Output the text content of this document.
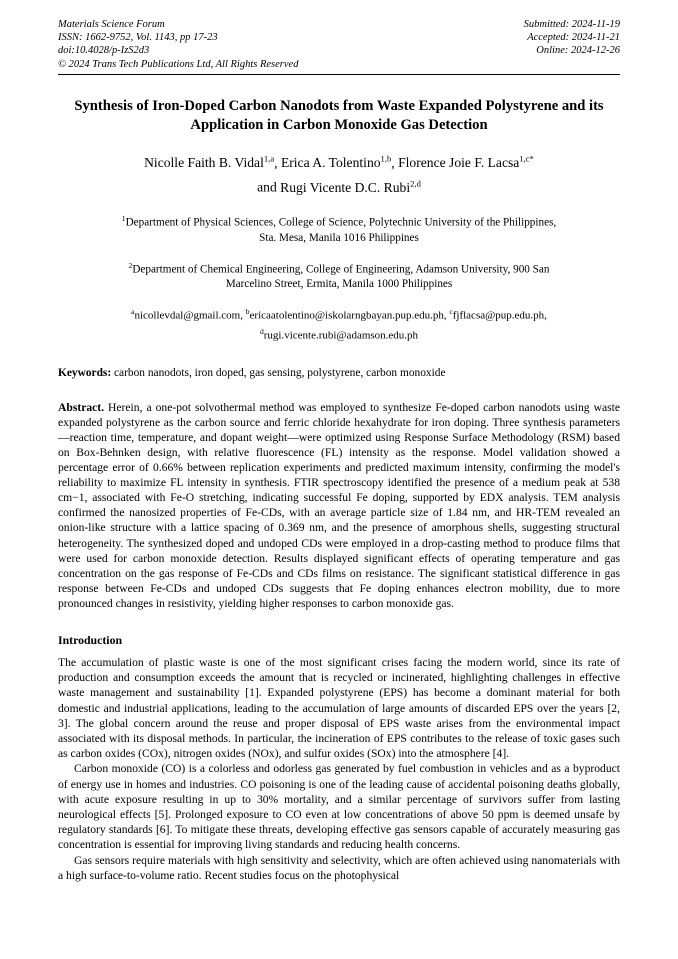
Materials Science Forum
ISSN: 1662-9752, Vol. 1143, pp 17-23
doi:10.4028/p-IzS2d3
Submitted: 2024-11-19
Accepted: 2024-11-21
Online: 2024-12-26
© 2024 Trans Tech Publications Ltd, All Rights Reserved
Synthesis of Iron-Doped Carbon Nanodots from Waste Expanded Polystyrene and its Application in Carbon Monoxide Gas Detection
Nicolle Faith B. Vidal$^{1,a}$, Erica A. Tolentino$^{1,b}$, Florence Joie F. Lacsa$^{1,c*}$
and Rugi Vicente D.C. Rubi$^{2,d}$
$^1$Department of Physical Sciences, College of Science, Polytechnic University of the Philippines,
Sta. Mesa, Manila 1016 Philippines
$^2$Department of Chemical Engineering, College of Engineering, Adamson University, 900 San
Marcelino Street, Ermita, Manila 1000 Philippines
$^a$nicollevdal@gmail.com, $^b$ericaatolentino@iskolarngbayan.pup.edu.ph, $^c$fjflacsa@pup.edu.ph,
$^d$rugi.vicente.rubi@adamson.edu.ph
Keywords: carbon nanodots, iron doped, gas sensing, polystyrene, carbon monoxide
Abstract. Herein, a one-pot solvothermal method was employed to synthesize Fe-doped carbon nanodots using waste expanded polystyrene as the carbon source and ferric chloride hexahydrate for iron doping. Three synthesis parameters—reaction time, temperature, and dopant weight—were optimized using Response Surface Methodology (RSM) based on Box-Behnken design, with relative fluorescence (FL) intensity as the response. Model validation showed a percentage error of 0.66% between replication experiments and predicted maximum intensity, confirming the model's reliability to maximize FL intensity in synthesis. FTIR spectroscopy identified the presence of a medium peak at 538 cm−1, associated with Fe-O stretching, indicating successful Fe doping, supported by EDX analysis. TEM analysis confirmed the nanosized properties of Fe-CDs, with an average particle size of 1.84 nm, and HR-TEM revealed an onion-like structure with a lattice spacing of 0.369 nm, and the presence of amorphous shells, suggesting structural heterogeneity. The synthesized doped and undoped CDs were employed in a drop-casting method to produce films that were used for carbon monoxide detection. Results displayed significant effects of operating temperature and gas concentration on the gas response of Fe-CDs and CDs films on resistance. The significant statistical difference in gas response between Fe-CDs and undoped CDs suggests that Fe doping enhances electron mobility, due to more pronounced changes in resistivity, yielding higher responses to carbon monoxide gas.
Introduction
The accumulation of plastic waste is one of the most significant crises facing the modern world, since its rate of production and consumption exceeds the amount that is recycled or incinerated, highlighting challenges in effective waste management and sustainability [1]. Expanded polystyrene (EPS) has become a dominant material for both domestic and industrial applications, leading to the accumulation of large amounts of discarded EPS over the years [2, 3]. The global concern around the reuse and proper disposal of EPS waste arises from the environmental impact associated with its disposal methods. In particular, the incineration of EPS contributes to the release of toxic gases such as carbon oxides (COx), nitrogen oxides (NOx), and sulfur oxides (SOx) into the atmosphere [4].
Carbon monoxide (CO) is a colorless and odorless gas generated by fuel combustion in vehicles and as a byproduct of energy use in homes and industries. CO poisoning is one of the leading cause of accidental poisoning deaths globally, with acute exposure resulting in up to 30% mortality, and a similar percentage of survivors suffer from lasting neurological effects [5]. Prolonged exposure to CO even at low concentrations of above 50 ppm is deemed unsafe by regulatory standards [6]. To mitigate these threats, developing effective gas sensors capable of accurately measuring gas concentration is essential for improving living standards and reducing health concerns.
Gas sensors require materials with high sensitivity and selectivity, which are often achieved using nanomaterials with a high surface-to-volume ratio. Recent studies focus on the photophysical
